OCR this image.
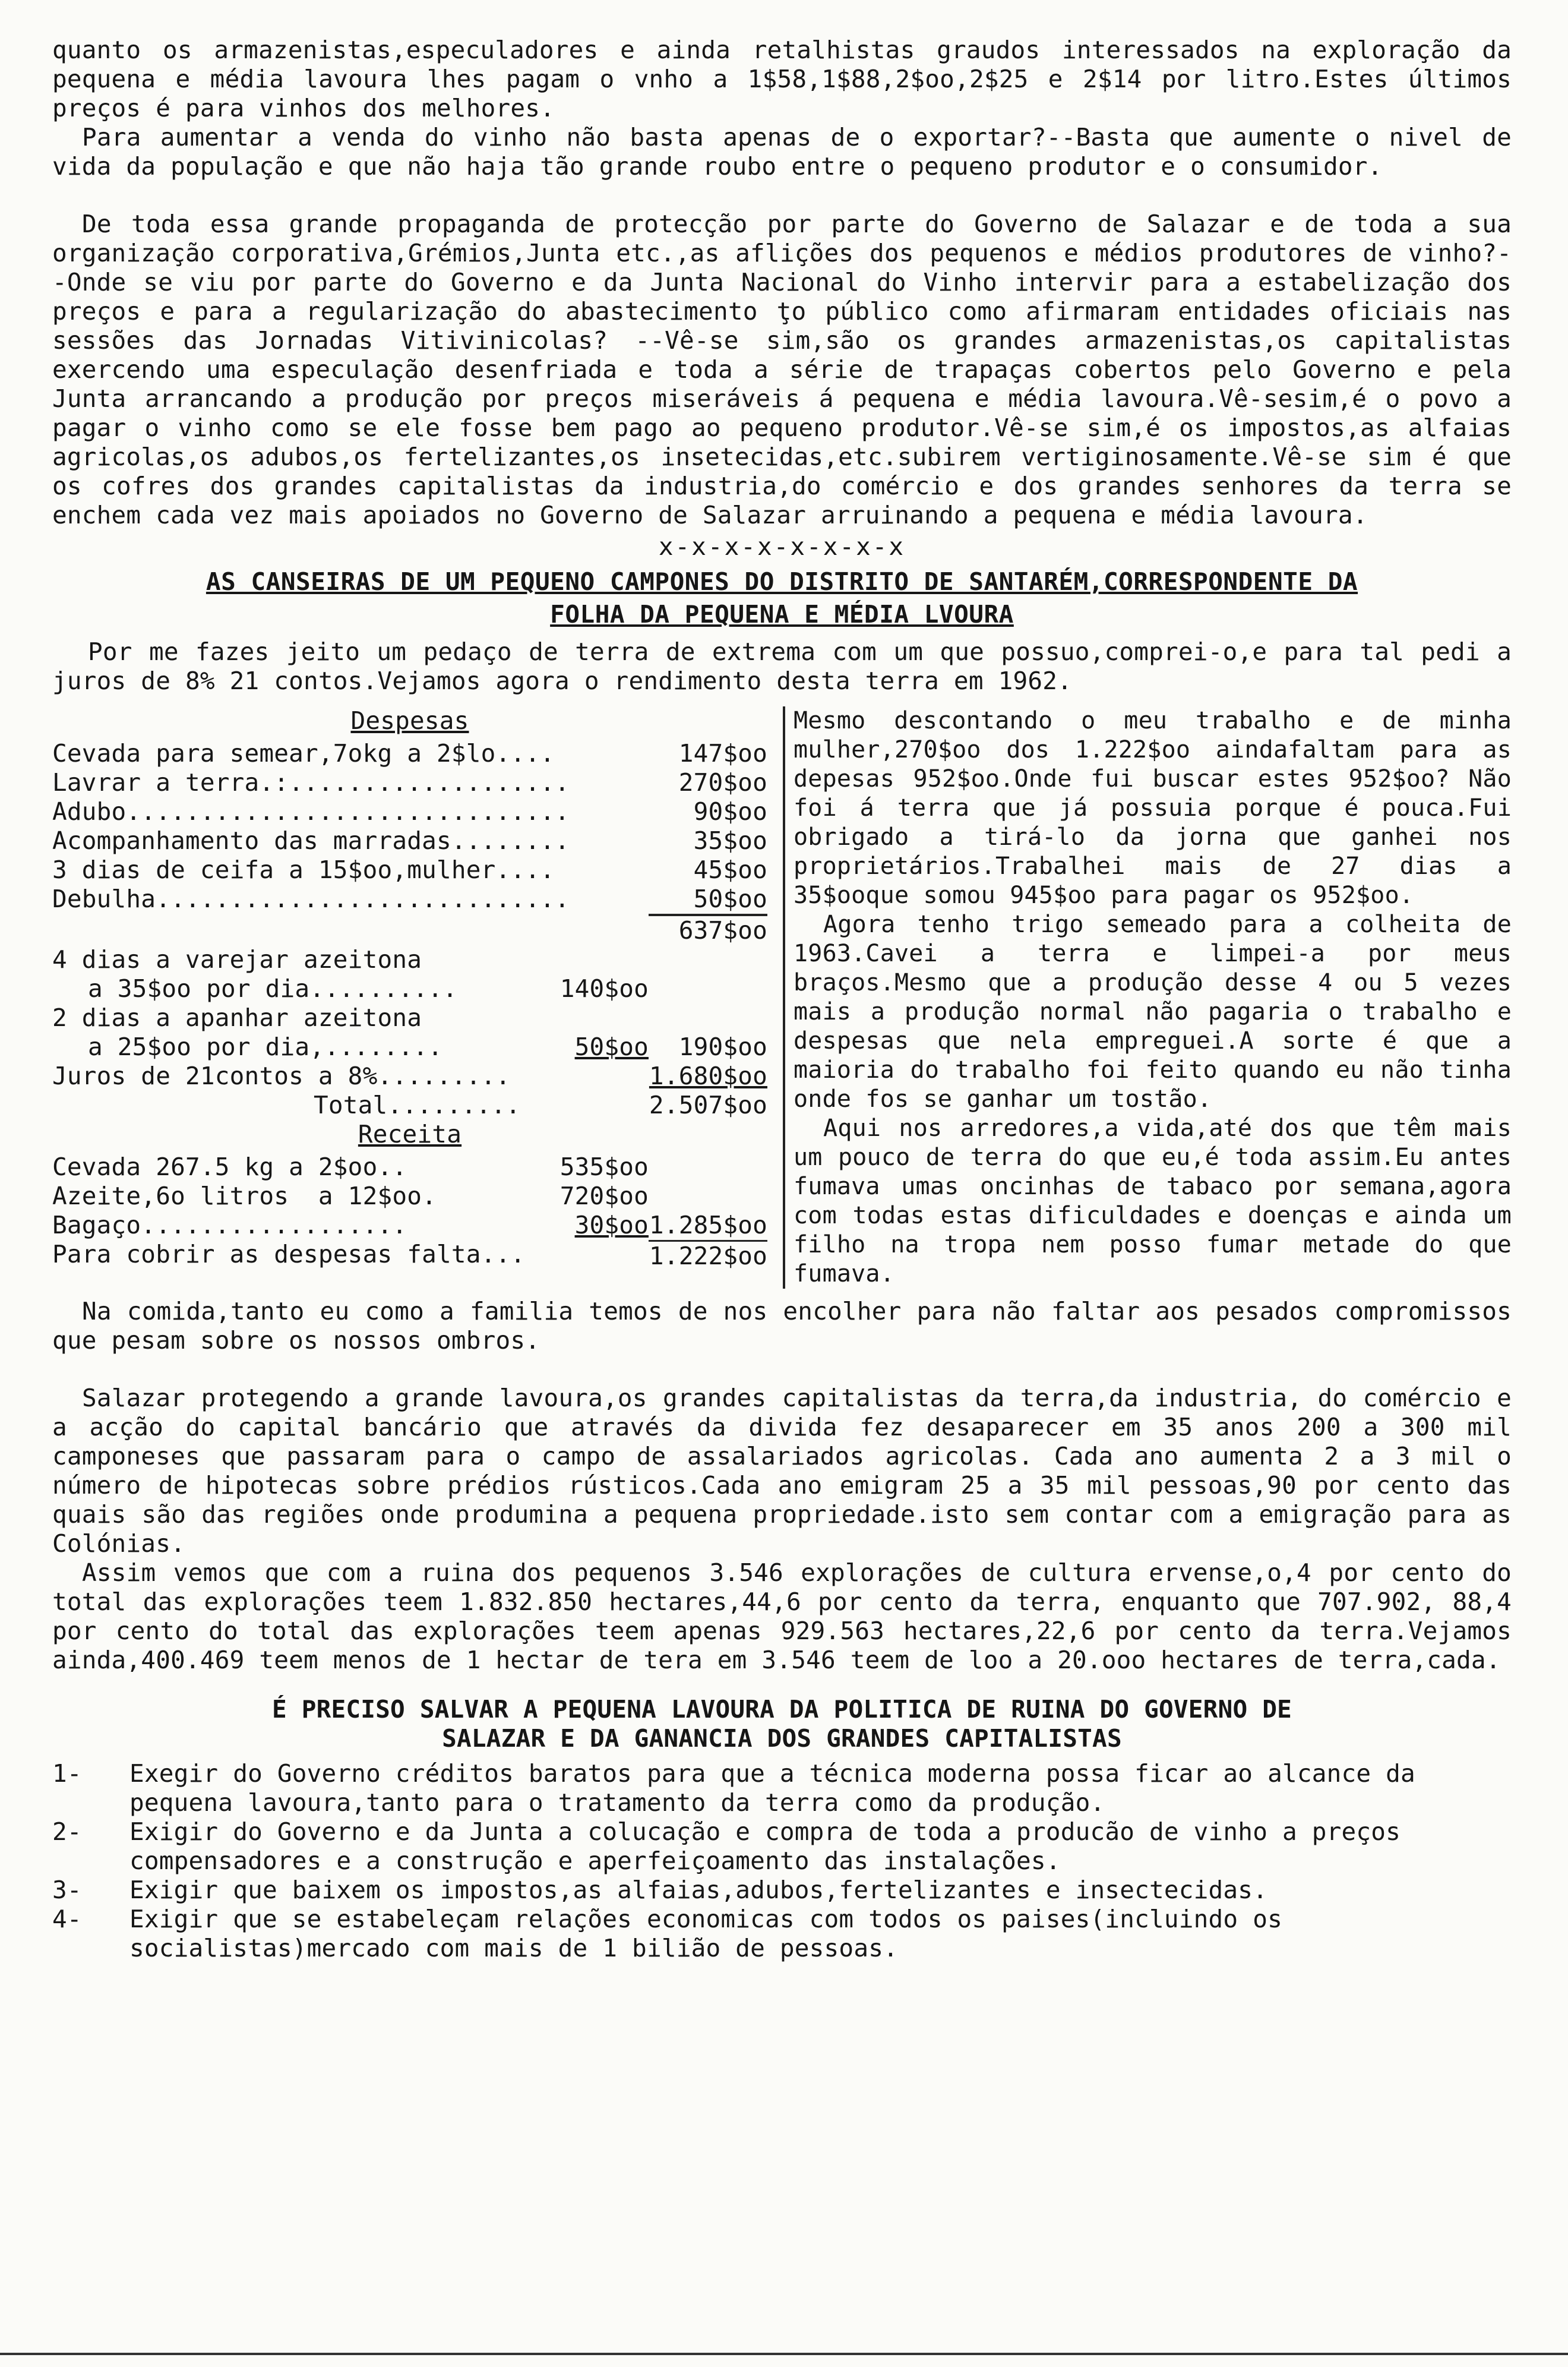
quanto os armazenistas,especuladores e ainda retalhistas graudos interessados na exploração da pequena e média lavoura lhes pagam o vnho a 1$58,1$88,2$oo,2$25 e 2$14 por litro.Estes últimos preços é para vinhos dos melhores.

Para aumentar a venda do vinho não basta apenas de o exportar?--Basta que aumente o nivel de vida da população e que não haja tão grande roubo entre o pequeno produtor e o consumidor.

De toda essa grande propaganda de protecção por parte do Governo de Salazar e de toda a sua organização corporativa,Grémios,Junta etc.,as aflições dos pequenos e médios produtores de vinho?--Onde se viu por parte do Governo e da Junta Nacional do Vinho intervir para a estabelização dos preços e para a regularização do abastecimento ţo público como afirmaram entidades oficiais nas sessões das Jornadas Vitivinicolas? --Vê-se sim,são os grandes armazenistas,os capitalistas exercendo uma especulação desenfriada e toda a série de trapaças cobertos pelo Governo e pela Junta arrancando a produção por preços miseráveis á pequena e média lavoura.Vê-sesim,é o povo a pagar o vinho como se ele fosse bem pago ao pequeno produtor.Vê-se sim,é os impostos,as alfaias agricolas,os adubos,os fertelizantes,os insetecidas,etc.subirem vertiginosamente.Vê-se sim é que os cofres dos grandes capitalistas da industria,do comércio e dos grandes senhores da terra se enchem cada vez mais apoiados no Governo de Salazar arruinando a pequena e média lavoura.

x-x-x-x-x-x-x-x
AS CANSEIRAS DE UM PEQUENO CAMPONES DO DISTRITO DE SANTARÉM,CORRESPONDENTE DA
FOLHA DA PEQUENA E MÉDIA LVOURA

Por me fazes jeito um pedaço de terra de extrema com um que possuo,comprei-o,e para tal pedi a juros de 8% 21 contos.Vejamos agora o rendimento desta terra em 1962.

Despesas
Cevada para semear,7okg a 2$lo....	147$oo
Lavrar a terra.:...................	270$oo
Adubo..............................	90$oo
Acompanhamento das marradas........	35$oo
3 dias de ceifa a 15$oo,mulher....	45$oo
Debulha............................	50$oo
637$oo
4 dias a varejar azeitona
a 35$oo por dia..........	140$oo
2 dias a apanhar azeitona
a 25$oo por dia,........	50$oo	190$oo
Juros de 21contos a 8%.........	1.680$oo
Total.........	2.507$oo
Receita
Cevada 267.5 kg a 2$oo..	535$oo
Azeite,6o litros  a 12$oo.	720$oo
Bagaço..................	30$oo 1.285$oo
Para cobrir as despesas falta...	1.222$oo

Mesmo descontando o meu trabalho e de minha mulher,270$oo dos 1.222$oo aindafaltam para as depesas 952$oo.Onde fui buscar estes 952$oo? Não foi á terra que já possuia porque é pouca.Fui obrigado a tirá-lo da jorna que ganhei nos proprietários.Trabalhei mais de 27 dias a 35$ooque somou 945$oo para pagar os 952$oo.

Agora tenho trigo semeado para a colheita de 1963.Cavei a terra e limpei-a por meus braços.Mesmo que a produção desse 4 ou 5 vezes mais a produção normal não pagaria o trabalho e despesas que nela empreguei.A sorte é que a maioria do trabalho foi feito quando eu não tinha onde fos se ganhar um tostão.

Aqui nos arredores,a vida,até dos que têm mais um pouco de terra do que eu,é toda assim.Eu antes fumava umas oncinhas de tabaco por semana,agora com todas estas dificuldades e doenças e ainda um filho na tropa nem posso fumar metade do que fumava.

Na comida,tanto eu como a familia temos de nos encolher para não faltar aos pesados compromissos que pesam sobre os nossos ombros.

Salazar protegendo a grande lavoura,os grandes capitalistas da terra,da industria, do comércio e a acção do capital bancário que através da divida fez desaparecer em 35 anos 200 a 300 mil camponeses que passaram para o campo de assalariados agricolas. Cada ano aumenta 2 a 3 mil o número de hipotecas sobre prédios rústicos.Cada ano emigram 25 a 35 mil pessoas,90 por cento das quais são das regiões onde produmina a pequena propriedade.isto sem contar com a emigração para as Colónias.

Assim vemos que com a ruina dos pequenos 3.546 explorações de cultura ervense,o,4 por cento do total das explorações teem 1.832.850 hectares,44,6 por cento da terra, enquanto que 707.902, 88,4 por cento do total das explorações teem apenas 929.563 hectares,22,6 por cento da terra.Vejamos ainda,400.469 teem menos de 1 hectar de tera em 3.546 teem de loo a 20.ooo hectares de terra,cada.

É PRECISO SALVAR A PEQUENA LAVOURA DA POLITICA DE RUINA DO GOVERNO DE
SALAZAR E DA GANANCIA DOS GRANDES CAPITALISTAS
1-	Exegir do Governo créditos baratos para que a técnica moderna possa ficar ao alcance da pequena lavoura,tanto para o tratamento da terra como da produção.
2-	Exigir do Governo e da Junta a colucação e compra de toda a producão de vinho a preços compensadores e a construção e aperfeiçoamento das instalações.
3-	Exigir que baixem os impostos,as alfaias,adubos,fertelizantes e insectecidas.
4-	Exigir que se estabeleçam relações economicas com todos os paises(incluindo os socialistas)mercado com mais de 1 bilião de pessoas.
